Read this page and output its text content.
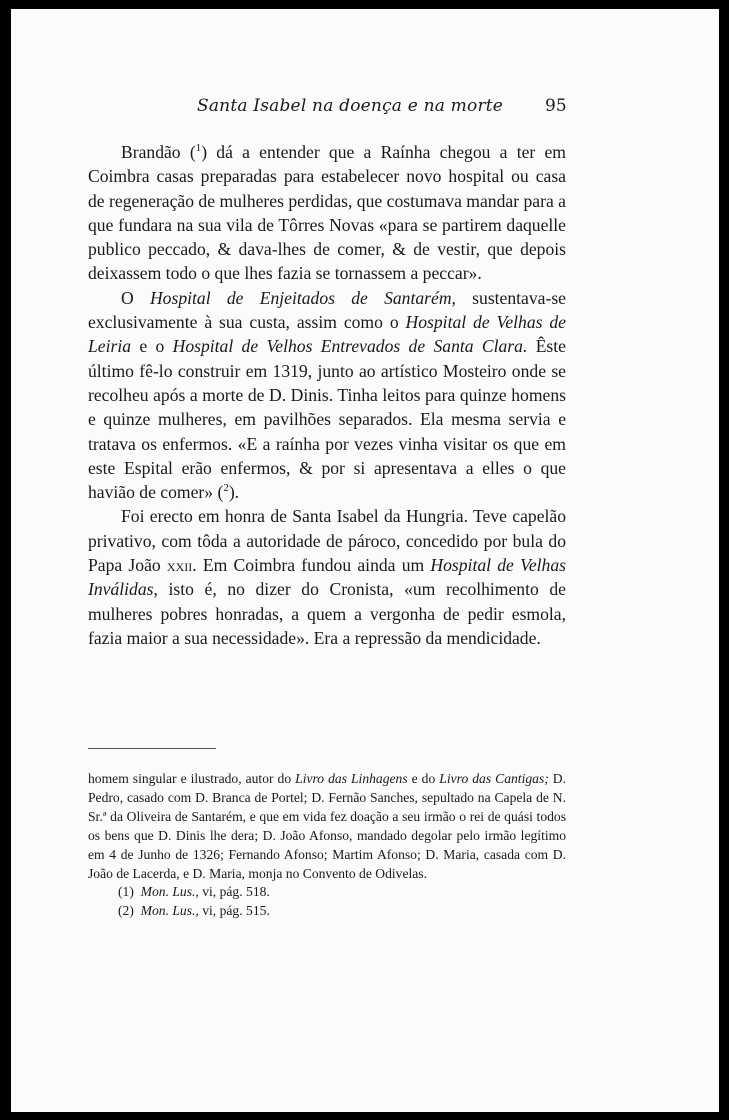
Santa Isabel na doença e na morte	95

Brandão ($^1$) dá a entender que a Raínha chegou a ter em Coimbra casas preparadas para estabelecer novo hospital ou casa de regeneração de mulheres perdidas, que costumava mandar para a que fundara na sua vila de Tôrres Novas «para se partirem daquelle publico peccado, & dava-lhes de comer, & de vestir, que depois deixassem todo o que lhes fazia se tornassem a peccar».

O Hospital de Enjeitados de Santarém, sustentava-se exclusivamente à sua custa, assim como o Hospital de Velhas de Leiria e o Hospital de Velhos Entrevados de Santa Clara. Êste último fê-lo construir em 1319, junto ao artístico Mosteiro onde se recolheu após a morte de D. Dinis. Tinha leitos para quinze homens e quinze mulheres, em pavilhões separados. Ela mesma servia e tratava os enfermos. «E a raínha por vezes vinha visitar os que em este Espital erão enfermos, & por si apresentava a elles o que havião de comer» ($^2$).

Foi erecto em honra de Santa Isabel da Hungria. Teve capelão privativo, com tôda a autoridade de pároco, concedido por bula do Papa João xxii. Em Coimbra fundou ainda um Hospital de Velhas Inválidas, isto é, no dizer do Cronista, «um recolhimento de mulheres pobres honradas, a quem a vergonha de pedir esmola, fazia maior a sua necessidade». Era a repressão da mendicidade.

homem singular e ilustrado, autor do Livro das Linhagens e do Livro das Cantigas; D. Pedro, casado com D. Branca de Portel; D. Fernão Sanches, sepultado na Capela de N. Sr.ª da Oliveira de Santarém, e que em vida fez doação a seu irmão o rei de quási todos os bens que D. Dinis lhe dera; D. João Afonso, mandado degolar pelo irmão legítimo em 4 de Junho de 1326; Fernando Afonso; Martim Afonso; D. Maria, casada com D. João de Lacerda, e D. Maria, monja no Convento de Odivelas.

(1) Mon. Lus., vi, pág. 518.

(2) Mon. Lus., vi, pág. 515.
